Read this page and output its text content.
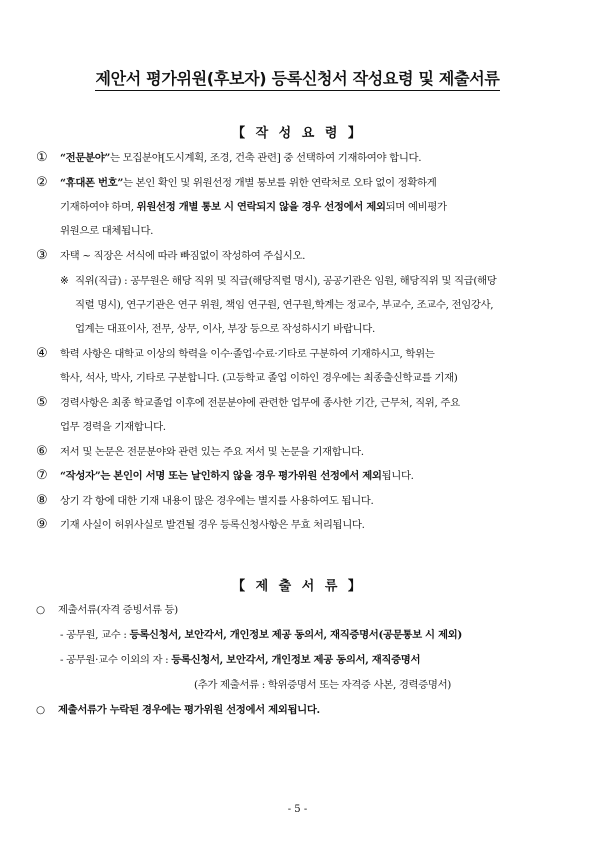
제안서 평가위원(후보자) 등록신청서 작성요령 및 제출서류
【 작 성 요 령 】
① “전문분야”는 모집분야[도시계획, 조경, 건축 관련] 중 선택하여 기재하여야 합니다.
② “휴대폰 번호”는 본인 확인 및 위원선정 개별 통보를 위한 연락처로 오타 없이 정확하게
기재하여야 하며, 위원선정 개별 통보 시 연락되지 않을 경우 선정에서 제외되며 예비평가
위원으로 대체됩니다.
③ 자택 ~ 직장은 서식에 따라 빠짐없이 작성하여 주십시오.
※ 직위(직급) : 공무원은 해당 직위 및 직급(해당직렬 명시), 공공기관은 임원, 해당직위 및 직급(해당
직렬 명시), 연구기관은 연구 위원, 책임 연구원, 연구원,학계는 정교수, 부교수, 조교수, 전임강사,
업계는 대표이사, 전무, 상무, 이사, 부장 등으로 작성하시기 바랍니다.
④ 학력 사항은 대학교 이상의 학력을 이수·졸업·수료·기타로 구분하여 기재하시고, 학위는
학사, 석사, 박사, 기타로 구분합니다. (고등학교 졸업 이하인 경우에는 최종출신학교를 기재)
⑤ 경력사항은 최종 학교졸업 이후에 전문분야에 관련한 업무에 종사한 기간, 근무처, 직위, 주요
업무 경력을 기재합니다.
⑥ 저서 및 논문은 전문분야와 관련 있는 주요 저서 및 논문을 기재합니다.
⑦ “작성자”는 본인이 서명 또는 날인하지 않을 경우 평가위원 선정에서 제외됩니다.
⑧ 상기 각 항에 대한 기재 내용이 많은 경우에는 별지를 사용하여도 됩니다.
⑨ 기재 사실이 허위사실로 발견될 경우 등록신청사항은 무효 처리됩니다.
【 제 출 서 류 】
○ 제출서류(자격 증빙서류 등)
- 공무원, 교수 : 등록신청서, 보안각서, 개인정보 제공 동의서, 재직증명서(공문통보 시 제외)
- 공무원·교수 이외의 자 : 등록신청서, 보안각서, 개인정보 제공 동의서, 재직증명서
(추가 제출서류 : 학위증명서 또는 자격증 사본, 경력증명서)
○ 제출서류가 누락된 경우에는 평가위원 선정에서 제외됩니다.
- 5 -
